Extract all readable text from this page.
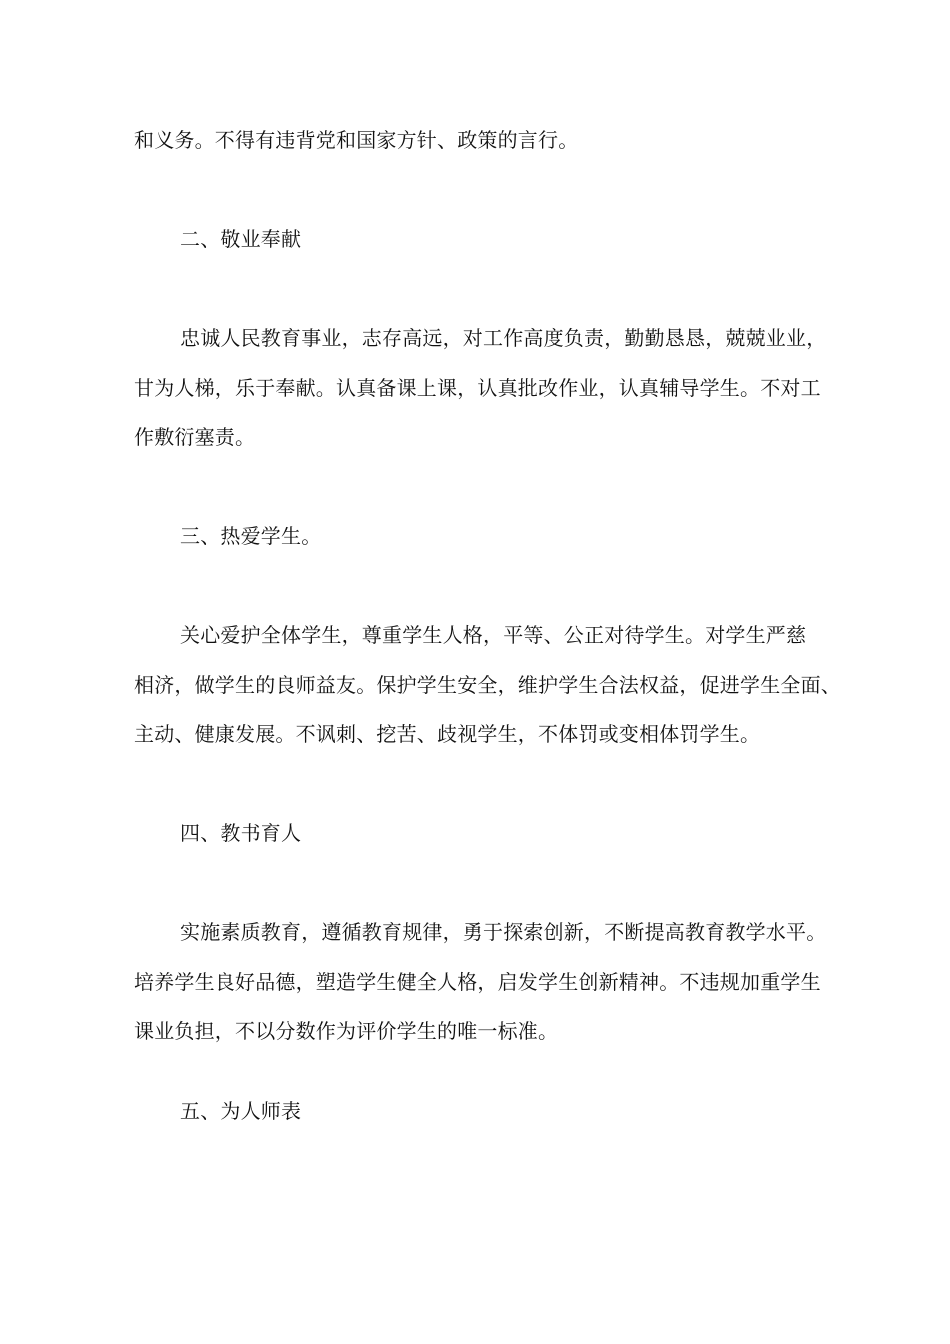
和义务。不得有违背党和国家方针、政策的言行。
二、敬业奉献
忠诚人民教育事业，志存高远，对工作高度负责，勤勤恳恳，兢兢业业，
甘为人梯，乐于奉献。认真备课上课，认真批改作业，认真辅导学生。不对工
作敷衍塞责。
三、热爱学生。
关心爱护全体学生，尊重学生人格，平等、公正对待学生。对学生严慈
相济，做学生的良师益友。保护学生安全，维护学生合法权益，促进学生全面、
主动、健康发展。不讽刺、挖苦、歧视学生，不体罚或变相体罚学生。
四、教书育人
实施素质教育，遵循教育规律，勇于探索创新，不断提高教育教学水平。
培养学生良好品德，塑造学生健全人格，启发学生创新精神。不违规加重学生
课业负担，不以分数作为评价学生的唯一标准。
五、为人师表
